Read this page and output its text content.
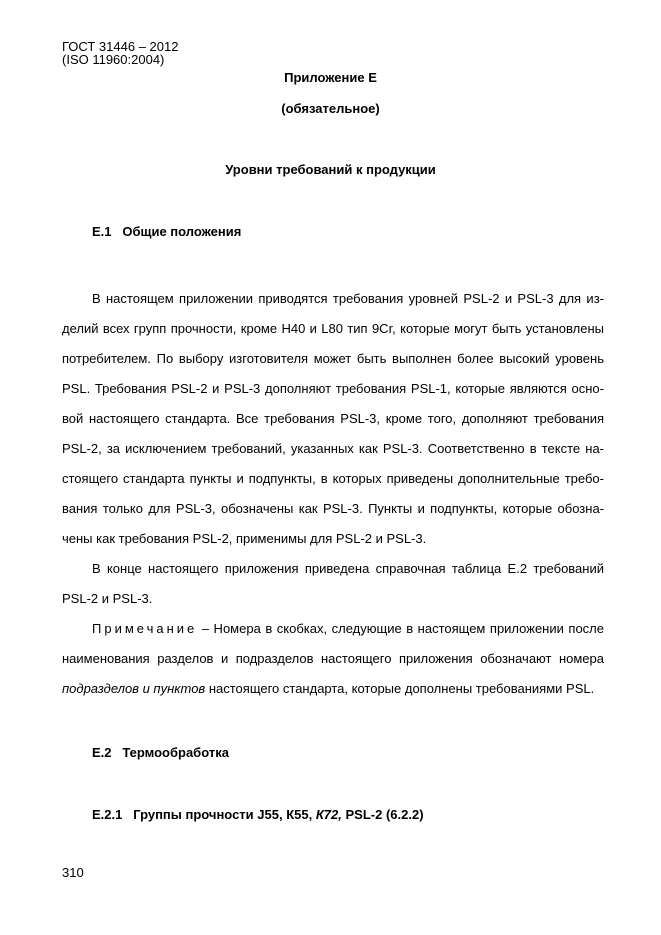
ГОСТ 31446 – 2012
(ISO 11960:2004)
Приложение Е
(обязательное)
Уровни требований к продукции
Е.1 Общие положения
В настоящем приложении приводятся требования уровней PSL-2 и PSL-3 для из-
делий всех групп прочности, кроме Н40 и L80 тип 9Cr, которые могут быть установлены
потребителем. По выбору изготовителя может быть выполнен более высокий уровень
PSL. Требования PSL-2 и PSL-3 дополняют требования PSL-1, которые являются осно-
вой настоящего стандарта. Все требования PSL-3, кроме того, дополняют требования
PSL-2, за исключением требований, указанных как PSL-3. Соответственно в тексте на-
стоящего стандарта пункты и подпункты, в которых приведены дополнительные требо-
вания только для PSL-3, обозначены как PSL-3. Пункты и подпункты, которые обозна-
чены как требования PSL-2, применимы для PSL-2 и PSL-3.
В конце настоящего приложения приведена справочная таблица Е.2 требований
PSL-2 и PSL-3.
Примечание – Номера в скобках, следующие в настоящем приложении после
наименования разделов и подразделов настоящего приложения обозначают номера
подразделов и пунктов настоящего стандарта, которые дополнены требованиями PSL.
Е.2 Термообработка
Е.2.1 Группы прочности J55, К55, К72, PSL-2 (6.2.2)
310
